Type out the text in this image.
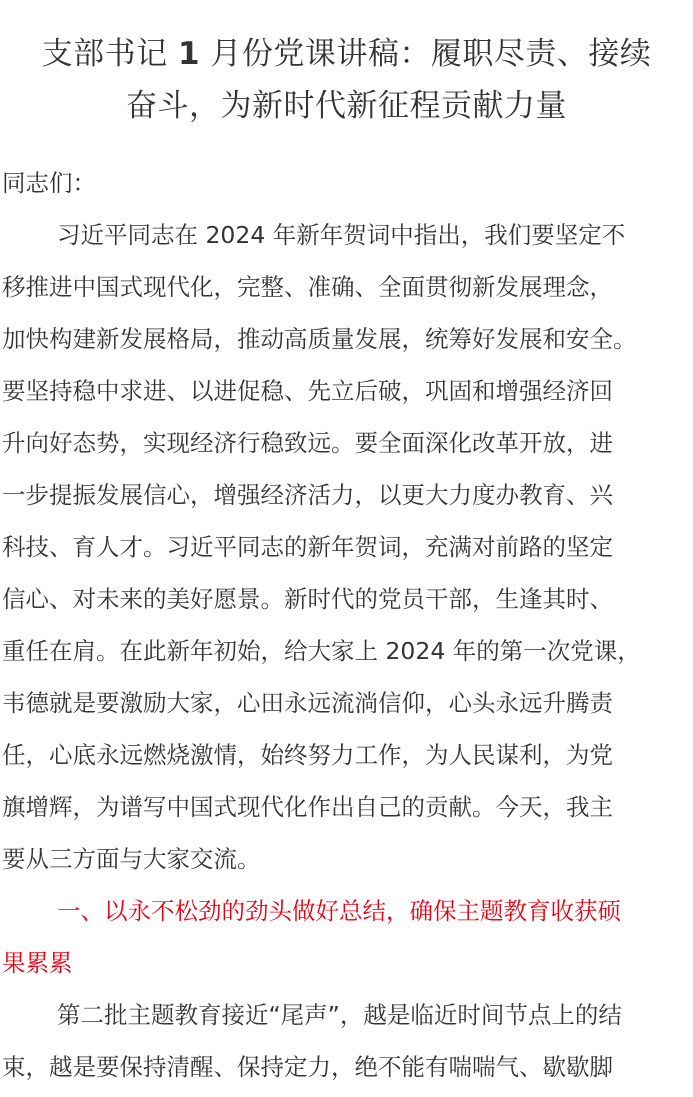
支部书记 1 月份党课讲稿：履职尽责、接续
奋斗，为新时代新征程贡献力量
同志们：
习近平同志在 2024 年新年贺词中指出，我们要坚定不
移推进中国式现代化，完整、准确、全面贯彻新发展理念，
加快构建新发展格局，推动高质量发展，统筹好发展和安全。
要坚持稳中求进、以进促稳、先立后破，巩固和增强经济回
升向好态势，实现经济行稳致远。要全面深化改革开放，进
一步提振发展信心，增强经济活力，以更大力度办教育、兴
科技、育人才。习近平同志的新年贺词，充满对前路的坚定
信心、对未来的美好愿景。新时代的党员干部，生逢其时、
重任在肩。在此新年初始，给大家上 2024 年的第一次党课，
韦德就是要激励大家，心田永远流淌信仰，心头永远升腾责
任，心底永远燃烧激情，始终努力工作，为人民谋利，为党
旗增辉，为谱写中国式现代化作出自己的贡献。今天，我主
要从三方面与大家交流。
一、以永不松劲的劲头做好总结，确保主题教育收获硕
果累累
第二批主题教育接近“尾声”，越是临近时间节点上的结
束，越是要保持清醒、保持定力，绝不能有喘喘气、歇歇脚
